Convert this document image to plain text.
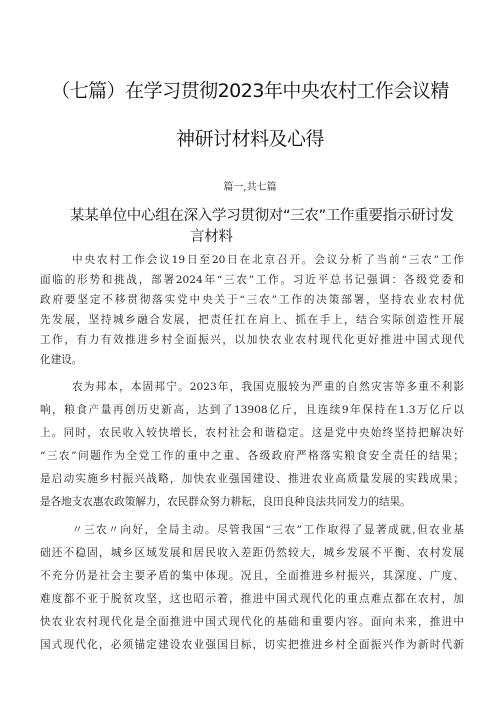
（七篇）在学习贯彻2023年中央农村工作会议精
神研讨材料及心得
篇一,共七篇
某某单位中心组在深入学习贯彻对“三农”工作重要指示研讨发
言材料
中央农村工作会议19日至20日在北京召开。会议分析了当前“三农”工作
面临的形势和挑战，部署2024年“三农”工作。习近平总书记强调：各级党委和
政府要坚定不移贯彻落实党中央关于“三农”工作的决策部署，坚持农业农村优
先发展，坚持城乡融合发展，把责任扛在肩上、抓在手上，结合实际创造性开展
工作，有力有效推进乡村全面振兴，以加快农业农村现代化更好推进中国式现代
化建设。
农为邦本，本固邦宁。2023年，我国克服较为严重的自然灾害等多重不利影
响，粮食产量再创历史新高，达到了13908亿斤，且连续9年保持在1.3万亿斤以
上。同时，农民收入较快增长，农村社会和谐稳定。这是党中央始终坚持把解决好
“三农”问题作为全党工作的重中之重、各级政府严格落实粮食安全责任的结果；
是启动实施乡村振兴战略，加快农业强国建设、推进农业高质量发展的实践成果；
是各地支农惠农政策解力，农民群众努力耕耘，良田良种良法共同发力的结果。
〃三农〃向好，全局主动。尽管我国“三农”工作取得了显著成就,但农业基
础还不稳固，城乡区域发展和居民收入差距仍然较大，城乡发展不平衡、农村发展
不充分仍是社会主要矛盾的集中体现。况且，全面推进乡村振兴，其深度、广度、
难度都不亚于脱贫攻坚，这也昭示着，推进中国式现代化的重点难点都在农村，加
快农业农村现代化是全面推进中国式现代化的基础和重要内容。面向未来，推进中
国式现代化，必须锚定建设农业强国目标，切实把推进乡村全面振兴作为新时代新
